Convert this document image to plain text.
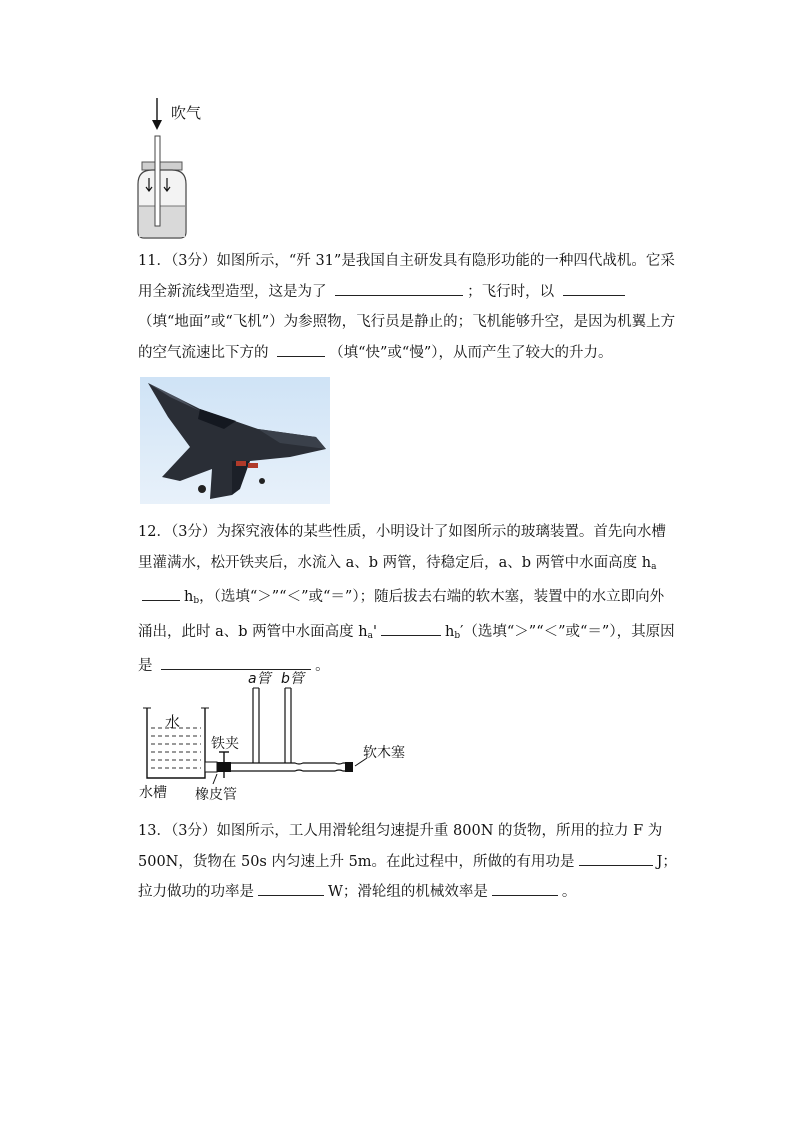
吹气
11．（3分）如图所示，“歼 31”是我国自主研发具有隐形功能的一种四代战机。它采用全新流线型造型，这是为了	；飞行时，以 （填“地面”或“飞机”）为参照物，飞行员是静止的；飞机能够升空，是因为机翼上方的空气流速比下方的	（填“快”或“慢”），从而产生了较大的升力。
12．（3分）为探究液体的某些性质，小明设计了如图所示的玻璃装置。首先向水槽里灌满水，松开铁夹后，水流入 a、b 两管，待稳定后，a、b 两管中水面高度 hahb，（选填“＞”“＜”或“＝”）；随后拔去右端的软木塞，装置中的水立即向外涌出，此时 a、b 两管中水面高度 ha'	hb′（选填“＞”“＜”或“＝”），其原因是	。
a管 b管
水
铁夹
软木塞
水槽 橡皮管
13．（3分）如图所示，工人用滑轮组匀速提升重 800N 的货物，所用的拉力 F 为 500N，货物在 50s 内匀速上升 5m。在此过程中，所做的有用功是	J；拉力做功的功率是	W；滑轮组的机械效率是	。
